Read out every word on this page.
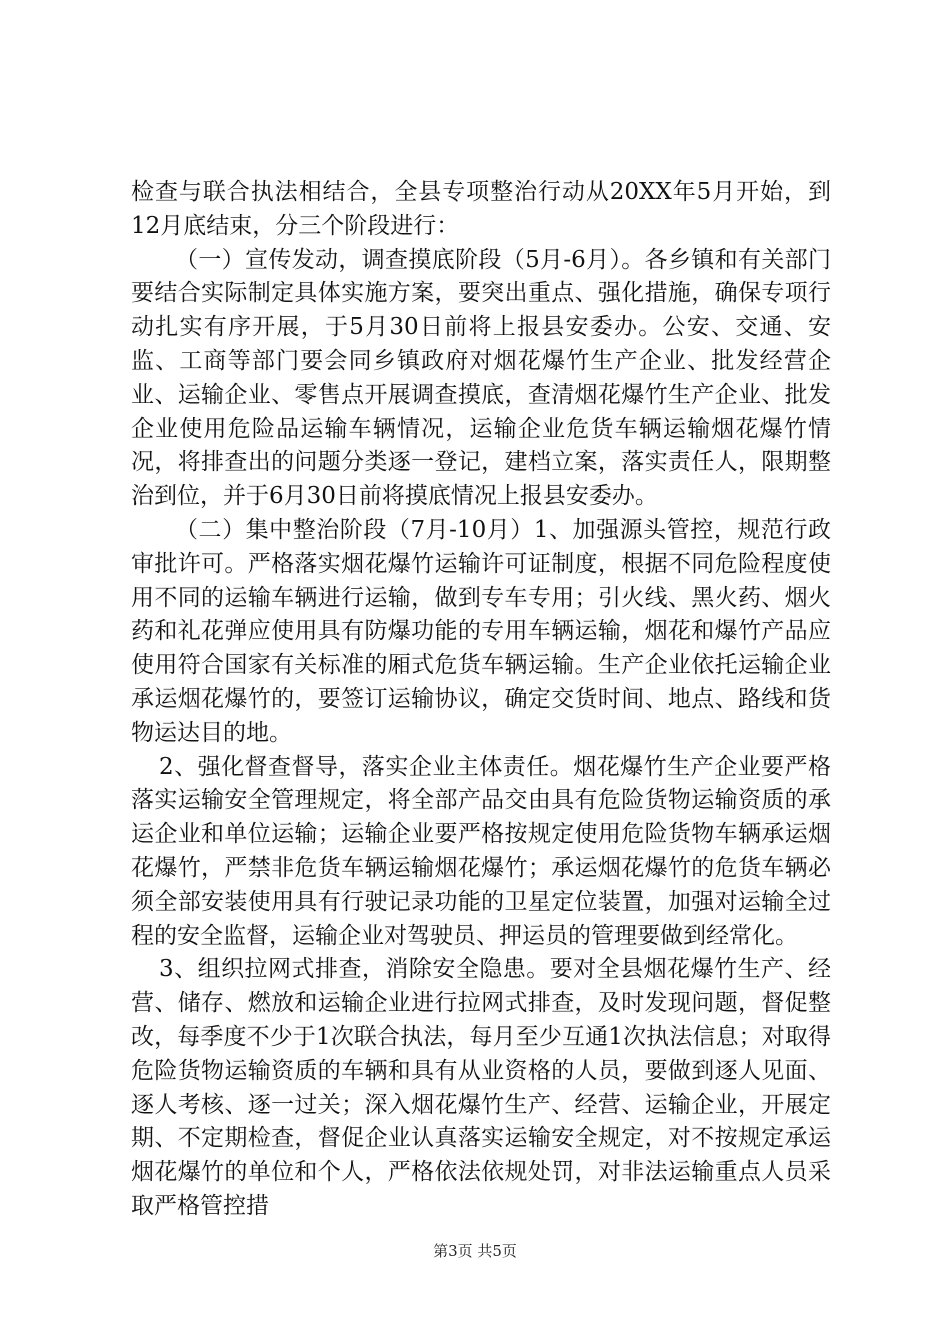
检查与联合执法相结合，全县专项整治行动从20XX年5月开始，到12月底结束，分三个阶段进行：

（一）宣传发动，调查摸底阶段（5月-6月）。各乡镇和有关部门要结合实际制定具体实施方案，要突出重点、强化措施，确保专项行动扎实有序开展，于5月30日前将上报县安委办。公安、交通、安监、工商等部门要会同乡镇政府对烟花爆竹生产企业、批发经营企业、运输企业、零售点开展调查摸底，查清烟花爆竹生产企业、批发企业使用危险品运输车辆情况，运输企业危货车辆运输烟花爆竹情况，将排查出的问题分类逐一登记，建档立案，落实责任人，限期整治到位，并于6月30日前将摸底情况上报县安委办。

（二）集中整治阶段（7月-10月）1、加强源头管控，规范行政审批许可。严格落实烟花爆竹运输许可证制度，根据不同危险程度使用不同的运输车辆进行运输，做到专车专用；引火线、黑火药、烟火药和礼花弹应使用具有防爆功能的专用车辆运输，烟花和爆竹产品应使用符合国家有关标准的厢式危货车辆运输。生产企业依托运输企业承运烟花爆竹的，要签订运输协议，确定交货时间、地点、路线和货物运达目的地。

2、强化督查督导，落实企业主体责任。烟花爆竹生产企业要严格落实运输安全管理规定，将全部产品交由具有危险货物运输资质的承运企业和单位运输；运输企业要严格按规定使用危险货物车辆承运烟花爆竹，严禁非危货车辆运输烟花爆竹；承运烟花爆竹的危货车辆必须全部安装使用具有行驶记录功能的卫星定位装置，加强对运输全过程的安全监督，运输企业对驾驶员、押运员的管理要做到经常化。

3、组织拉网式排查，消除安全隐患。要对全县烟花爆竹生产、经营、储存、燃放和运输企业进行拉网式排查，及时发现问题，督促整改，每季度不少于1次联合执法，每月至少互通1次执法信息；对取得危险货物运输资质的车辆和具有从业资格的人员，要做到逐人见面、逐人考核、逐一过关；深入烟花爆竹生产、经营、运输企业，开展定期、不定期检查，督促企业认真落实运输安全规定，对不按规定承运烟花爆竹的单位和个人，严格依法依规处罚，对非法运输重点人员采取严格管控措

第3页 共5页
